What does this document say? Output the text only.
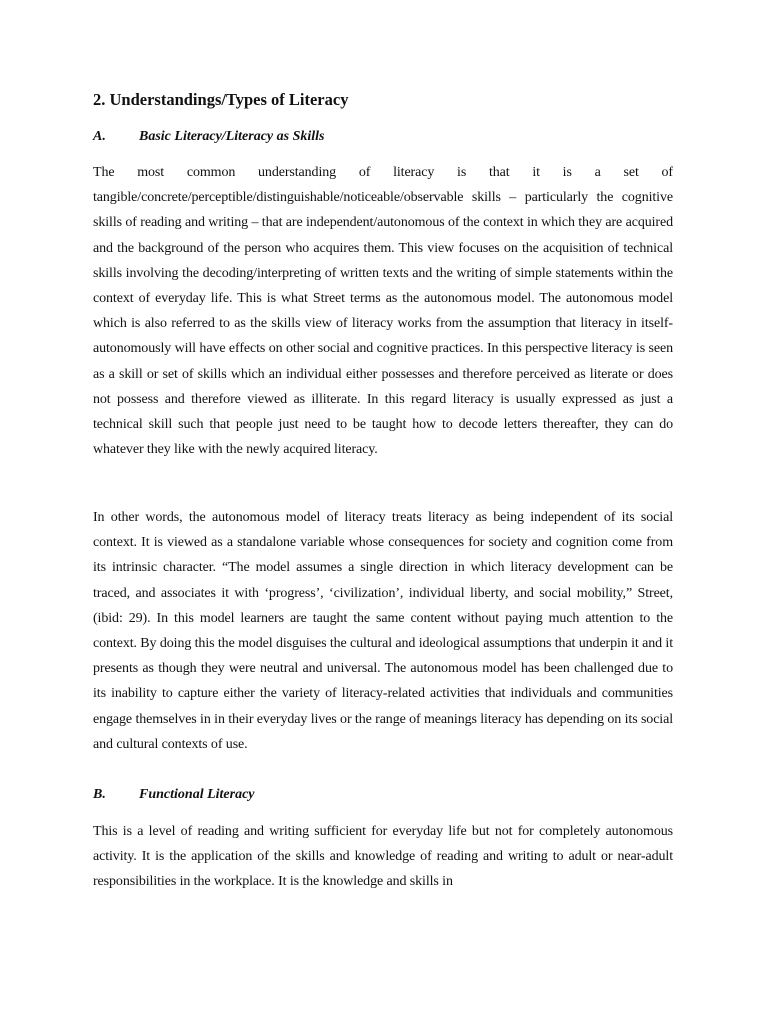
2. Understandings/Types of Literacy
A. Basic Literacy/Literacy as Skills

The most common understanding of literacy is that it is a set of tangible/concrete/perceptible/distinguishable/noticeable/observable skills – particularly the cognitive skills of reading and writing – that are independent/autonomous of the context in which they are acquired and the background of the person who acquires them. This view focuses on the acquisition of technical skills involving the decoding/interpreting of written texts and the writing of simple statements within the context of everyday life. This is what Street terms as the autonomous model. The autonomous model which is also referred to as the skills view of literacy works from the assumption that literacy in itself- autonomously will have effects on other social and cognitive practices. In this perspective literacy is seen as a skill or set of skills which an individual either possesses and therefore perceived as literate or does not possess and therefore viewed as illiterate. In this regard literacy is usually expressed as just a technical skill such that people just need to be taught how to decode letters thereafter, they can do whatever they like with the newly acquired literacy.

In other words, the autonomous model of literacy treats literacy as being independent of its social context. It is viewed as a standalone variable whose consequences for society and cognition come from its intrinsic character. “The model assumes a single direction in which literacy development can be traced, and associates it with ‘progress’, ‘civilization’, individual liberty, and social mobility,” Street, (ibid: 29). In this model learners are taught the same content without paying much attention to the context. By doing this the model disguises the cultural and ideological assumptions that underpin it and it presents as though they were neutral and universal. The autonomous model has been challenged due to its inability to capture either the variety of literacy-related activities that individuals and communities engage themselves in in their everyday lives or the range of meanings literacy has depending on its social and cultural contexts of use.

B. Functional Literacy

This is a level of reading and writing sufficient for everyday life but not for completely autonomous activity. It is the application of the skills and knowledge of reading and writing to adult or near-adult responsibilities in the workplace. It is the knowledge and skills in
